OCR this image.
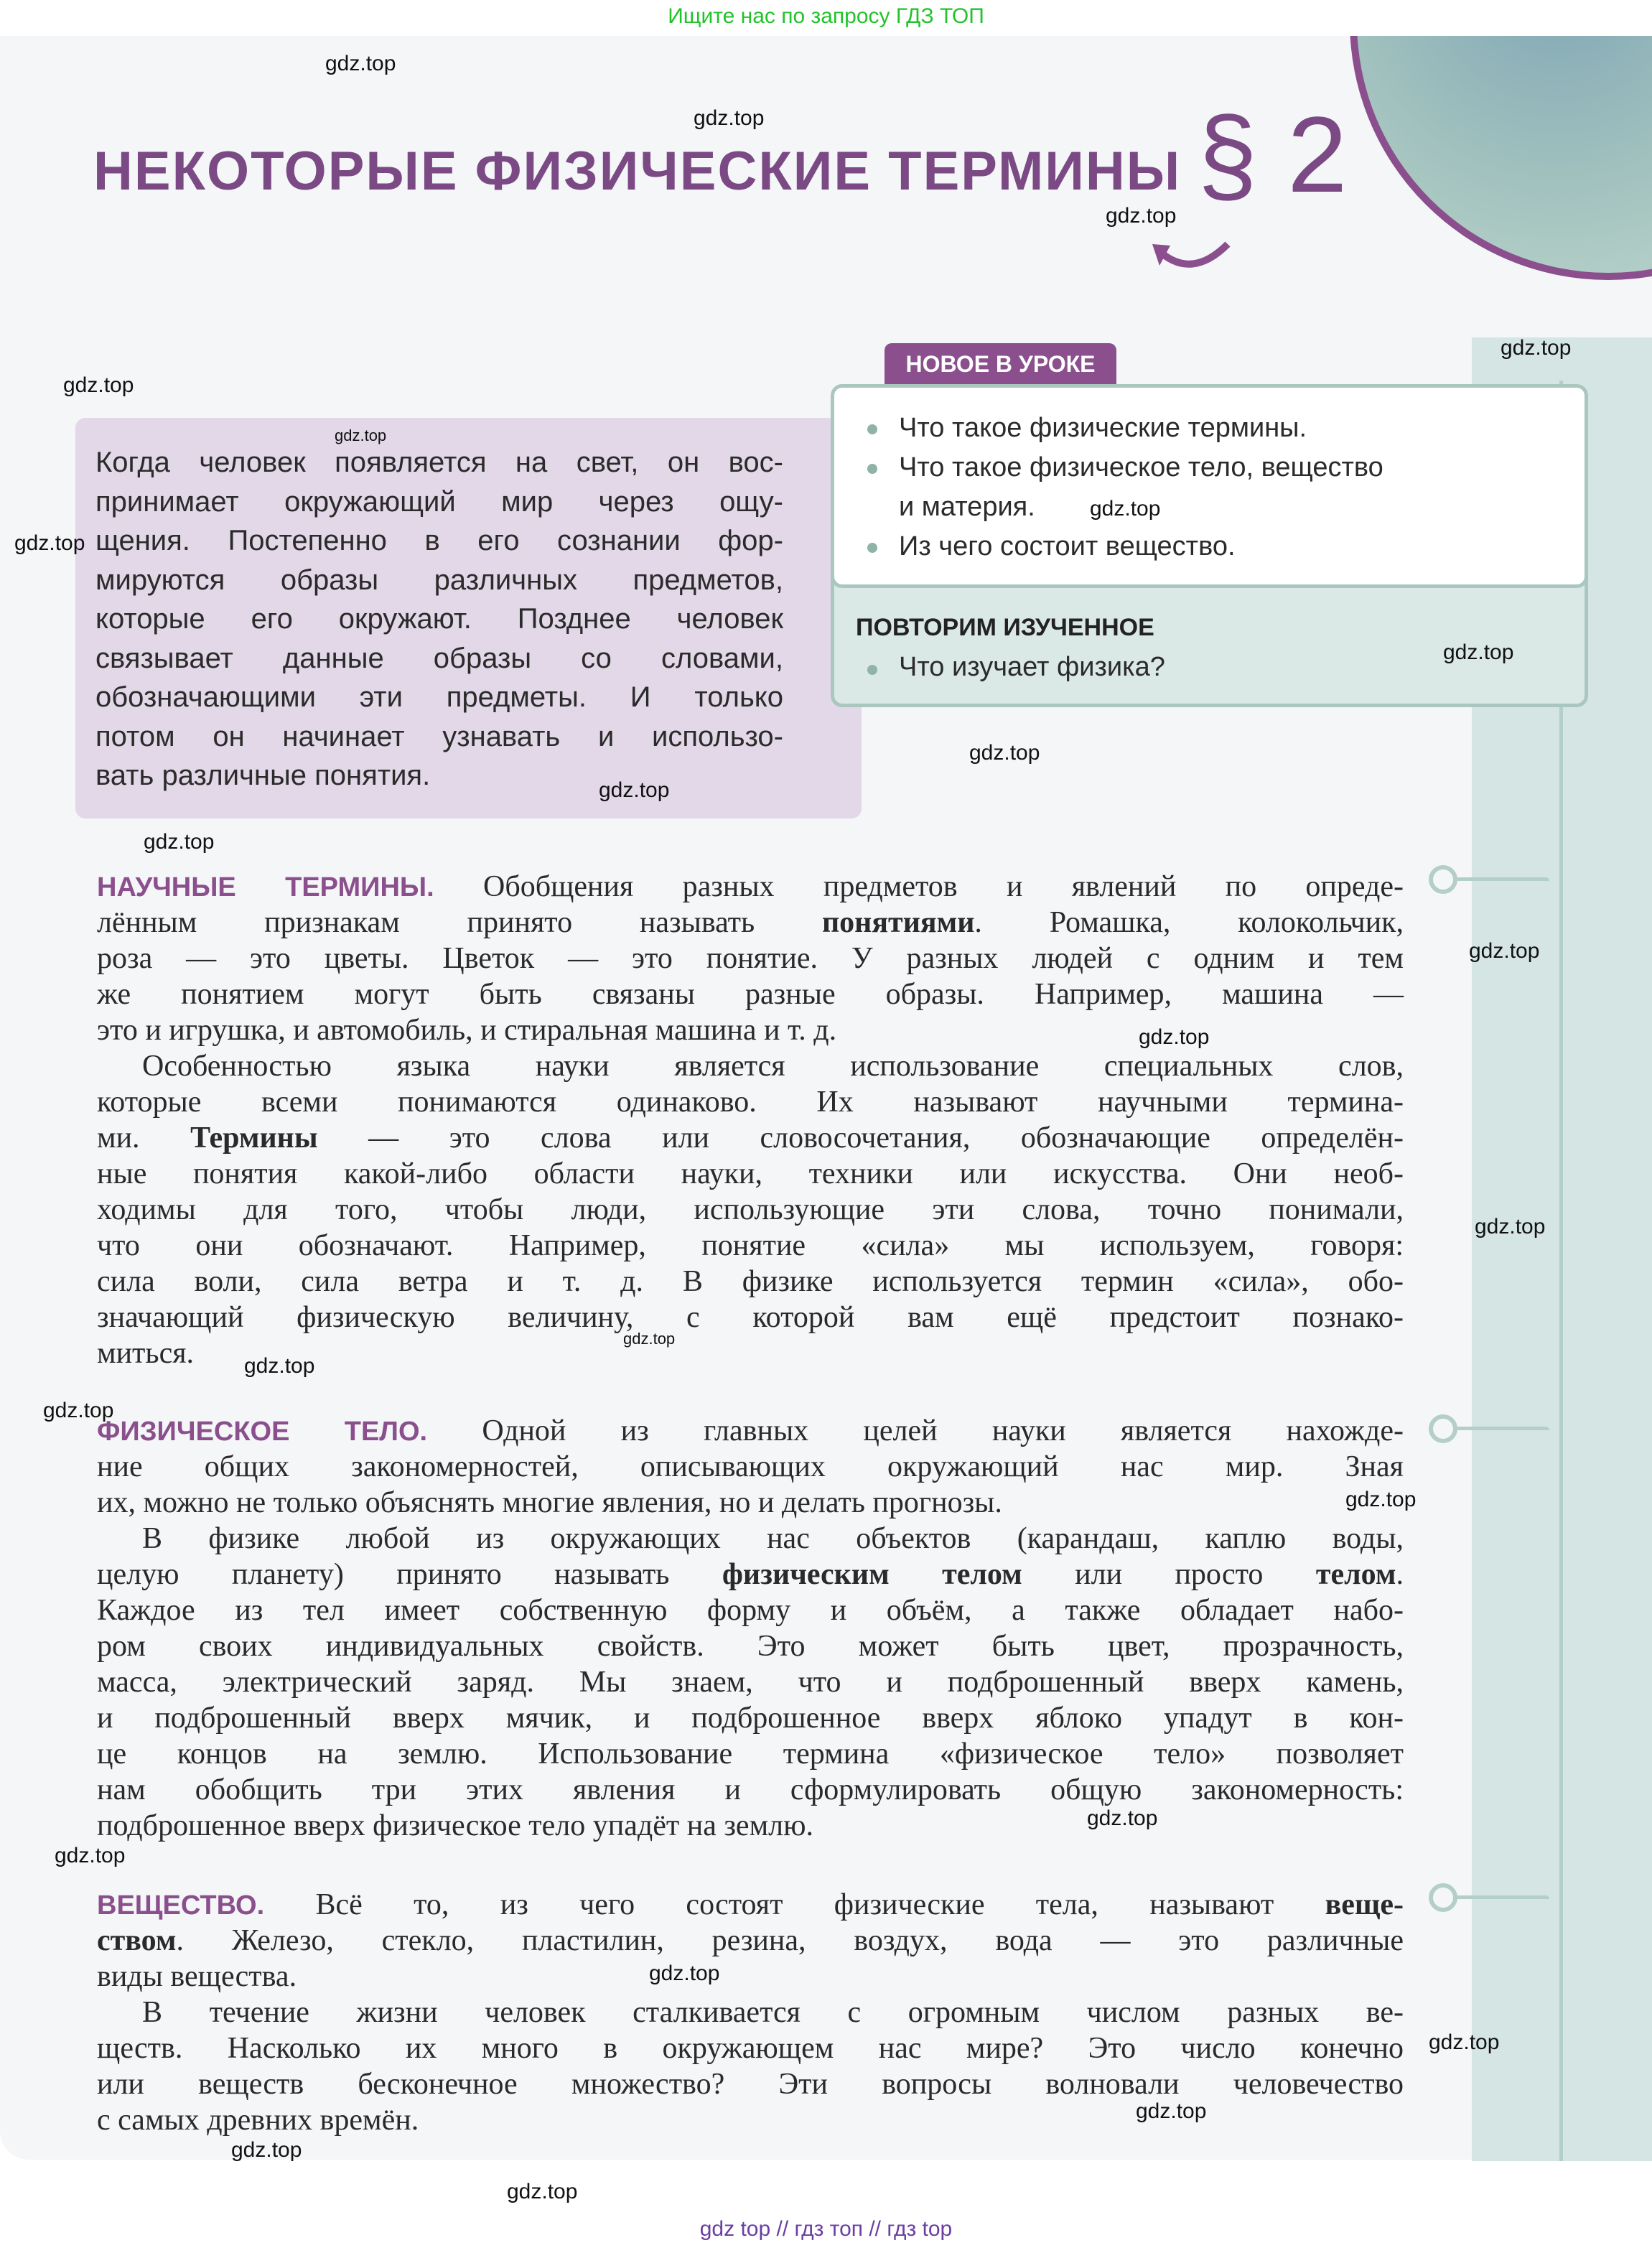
Ищите нас по запросу ГДЗ ТОП
НЕКОТОРЫЕ ФИЗИЧЕСКИЕ ТЕРМИНЫ § 2
Когда человек появляется на свет, он вос-
принимает окружающий мир через ощу-
щения. Постепенно в его сознании фор-
мируются образы различных предметов,
которые его окружают. Позднее человек
связывает данные образы со словами,
обозначающими эти предметы. И только
потом он начинает узнавать и использо-
вать различные понятия.
НОВОЕ В УРОКЕ
Что такое физические термины.
Что такое физическое тело, вещество
и материя.
Из чего состоит вещество.
ПОВТОРИМ ИЗУЧЕННОЕ
Что изучает физика?
НАУЧНЫЕ ТЕРМИНЫ. Обобщения разных предметов и явлений по опреде-
лённым признакам принято называть понятиями. Ромашка, колокольчик,
роза — это цветы. Цветок — это понятие. У разных людей с одним и тем
же понятием могут быть связаны разные образы. Например, машина —
это и игрушка, и автомобиль, и стиральная машина и т. д.
  Особенностью языка науки является использование специальных слов,
которые всеми понимаются одинаково. Их называют научными термина-
ми. Термины — это слова или словосочетания, обозначающие определён-
ные понятия какой-либо области науки, техники или искусства. Они необ-
ходимы для того, чтобы люди, использующие эти слова, точно понимали,
что они обозначают. Например, понятие «сила» мы используем, говоря:
сила воли, сила ветра и т. д. В физике используется термин «сила», обо-
значающий физическую величину, с которой вам ещё предстоит познако-
миться.
ФИЗИЧЕСКОЕ ТЕЛО. Одной из главных целей науки является нахожде-
ние общих закономерностей, описывающих окружающий нас мир. Зная
их, можно не только объяснять многие явления, но и делать прогнозы.
  В физике любой из окружающих нас объектов (карандаш, каплю воды,
целую планету) принято называть физическим телом или просто телом.
Каждое из тел имеет собственную форму и объём, а также обладает набо-
ром своих индивидуальных свойств. Это может быть цвет, прозрачность,
масса, электрический заряд. Мы знаем, что и подброшенный вверх камень,
и подброшенный вверх мячик, и подброшенное вверх яблоко упадут в кон-
це концов на землю. Использование термина «физическое тело» позволяет
нам обобщить три этих явления и сформулировать общую закономерность:
подброшенное вверх физическое тело упадёт на землю.
ВЕЩЕСТВО. Всё то, из чего состоят физические тела, называют веще-
ством. Железо, стекло, пластилин, резина, воздух, вода — это различные
виды вещества.
  В течение жизни человек сталкивается с огромным числом разных ве-
ществ. Насколько их много в окружающем нас мире? Это число конечно
или веществ бесконечное множество? Эти вопросы волновали человечество
с самых древних времён.
gdz.top
gdz.top
gdz.top
gdz.top
gdz.top
gdz.top
gdz.top
gdz.top
gdz.top
gdz.top
gdz.top
gdz.top
gdz.top
gdz.top
gdz.top
gdz.top
gdz.top
gdz.top
gdz.top
gdz.top
gdz.top
gdz.top
gdz.top
gdz.top
gdz.top
gdz.top
gdz top // гдз топ // гдз top
